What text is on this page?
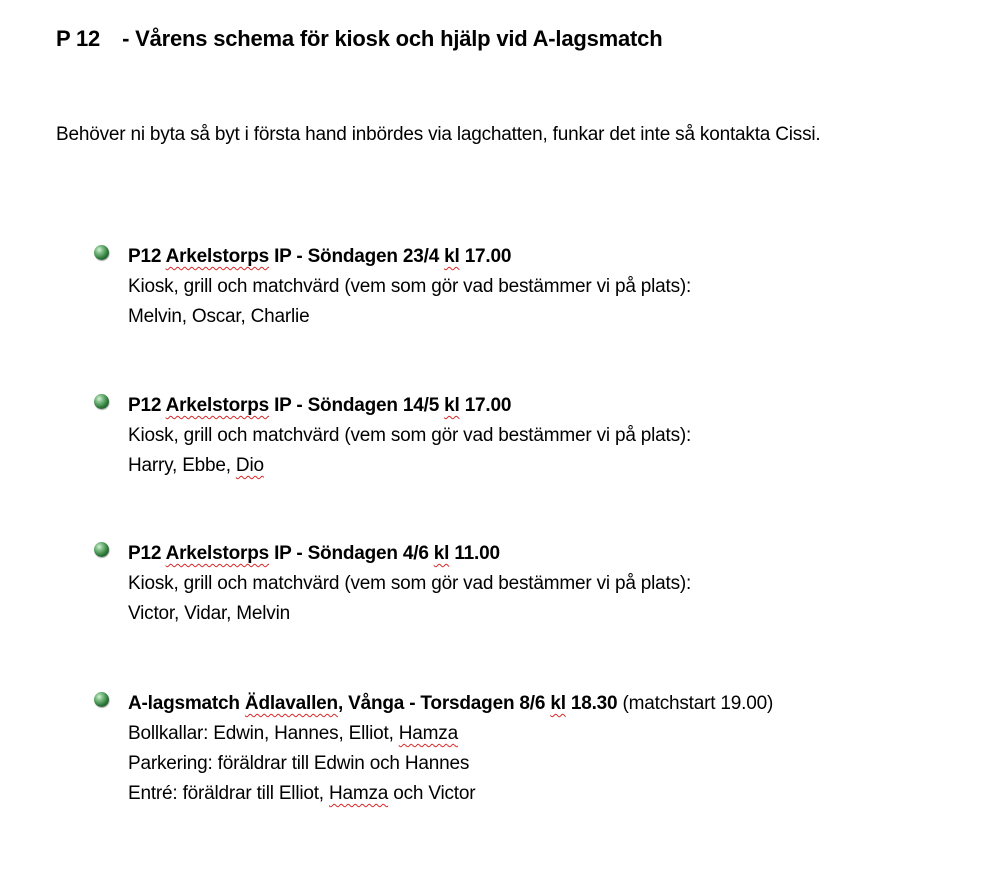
P 12 - Vårens schema för kiosk och hjälp vid A-lagsmatch
Behöver ni byta så byt i första hand inbördes via lagchatten, funkar det inte så kontakta Cissi.
P12 Arkelstorps IP - Söndagen 23/4 kl 17.00
Kiosk, grill och matchvärd (vem som gör vad bestämmer vi på plats):
Melvin, Oscar, Charlie
P12 Arkelstorps IP - Söndagen 14/5 kl 17.00
Kiosk, grill och matchvärd (vem som gör vad bestämmer vi på plats):
Harry, Ebbe, Dio
P12 Arkelstorps IP - Söndagen 4/6 kl 11.00
Kiosk, grill och matchvärd (vem som gör vad bestämmer vi på plats):
Victor, Vidar, Melvin
A-lagsmatch Ädlavallen, Vånga - Torsdagen 8/6 kl 18.30 (matchstart 19.00)
Bollkallar: Edwin, Hannes, Elliot, Hamza
Parkering: föräldrar till Edwin och Hannes
Entré: föräldrar till Elliot, Hamza och Victor
